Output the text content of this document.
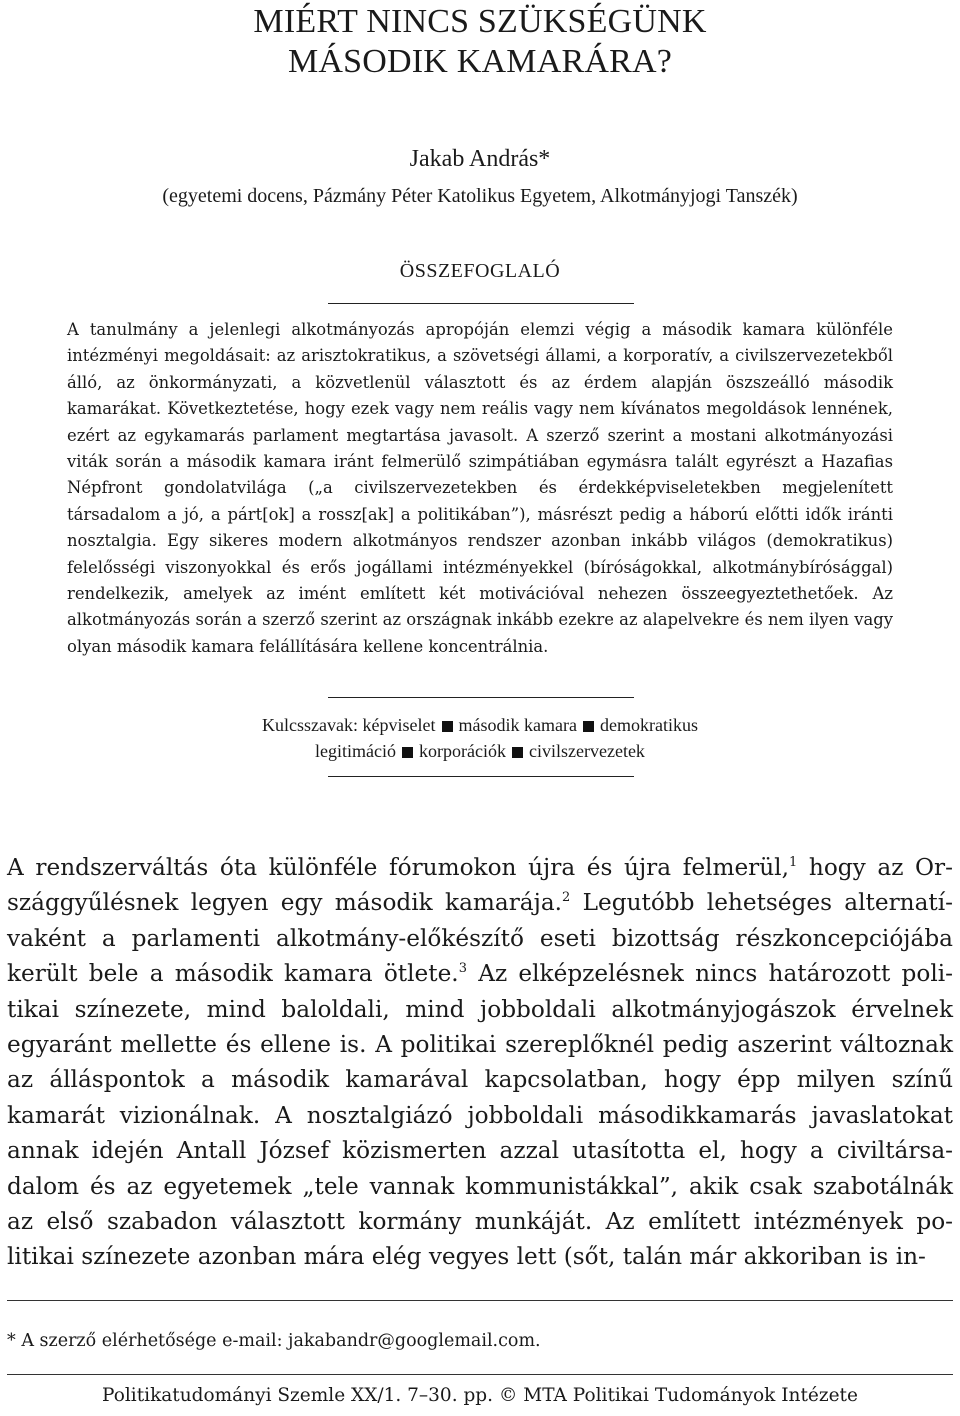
MIÉRT NINCS SZÜKSÉGÜNK
MÁSODIK KAMARÁRA?
Jakab András*
(egyetemi docens, Pázmány Péter Katolikus Egyetem, Alkotmányjogi Tanszék)
ÖSSZEFOGLALÓ
A tanulmány a jelenlegi alkotmányozás apropóján elemzi végig a második kamara különféle intézményi megoldásait: az arisztokratikus, a szövetségi állami, a korporatív, a civilszervezetekből álló, az önkormányzati, a közvetlenül választott és az érdem alapján öszszeálló második kamarákat. Következtetése, hogy ezek vagy nem reális vagy nem kívánatos megoldások lennének, ezért az egykamarás parlament megtartása javasolt. A szerző szerint a mostani alkotmányozási viták során a második kamara iránt felmerülő szimpátiában egymásra talált egyrészt a Hazafias Népfront gondolatvilága („a civilszervezetekben és érdekképviseletekben megjelenített társadalom a jó, a párt[ok] a rossz[ak] a politikában”), másrészt pedig a háború előtti idők iránti nosztalgia. Egy sikeres modern alkotmányos rendszer azonban inkább világos (demokratikus) felelősségi viszonyokkal és erős jogállami intézményekkel (bíróságokkal, alkotmánybírósággal) rendelkezik, amelyek az imént említett két motivációval nehezen összeegyeztethetőek. Az alkotmányozás során a szerző szerint az országnak inkább ezekre az alapelvekre és nem ilyen vagy olyan második kamara felállítására kellene koncentrálnia.
Kulcsszavak: képviselet második kamara demokratikus
legitimáció korporációk civilszervezetek
A rendszerváltás óta különféle fórumokon újra és újra felmerül,$^1$ hogy az Országgyűlésnek legyen egy második kamarája.$^2$ Legutóbb lehetséges alternatívaként a parlamenti alkotmány-előkészítő eseti bizottság részkoncepciójába került bele a második kamara ötlete.$^3$ Az elképzelésnek nincs határozott politikai színezete, mind baloldali, mind jobboldali alkotmányjogászok érvelnek egyaránt mellette és ellene is. A politikai szereplőknél pedig aszerint változnak az álláspontok a második kamarával kapcsolatban, hogy épp milyen színű kamarát vizionálnak. A nosztalgiázó jobboldali másodikkamarás javaslatokat annak idején Antall József közismerten azzal utasította el, hogy a civiltársadalom és az egyetemek „tele vannak kommunistákkal”, akik csak szabotálnák az első szabadon választott kormány munkáját. Az említett intézmények politikai színezete azonban mára elég vegyes lett (sőt, talán már akkoriban is in-
* A szerző elérhetősége e-mail: jakabandr@googlemail.com.
Politikatudományi Szemle XX/1. 7–30. pp. © MTA Politikai Tudományok Intézete
